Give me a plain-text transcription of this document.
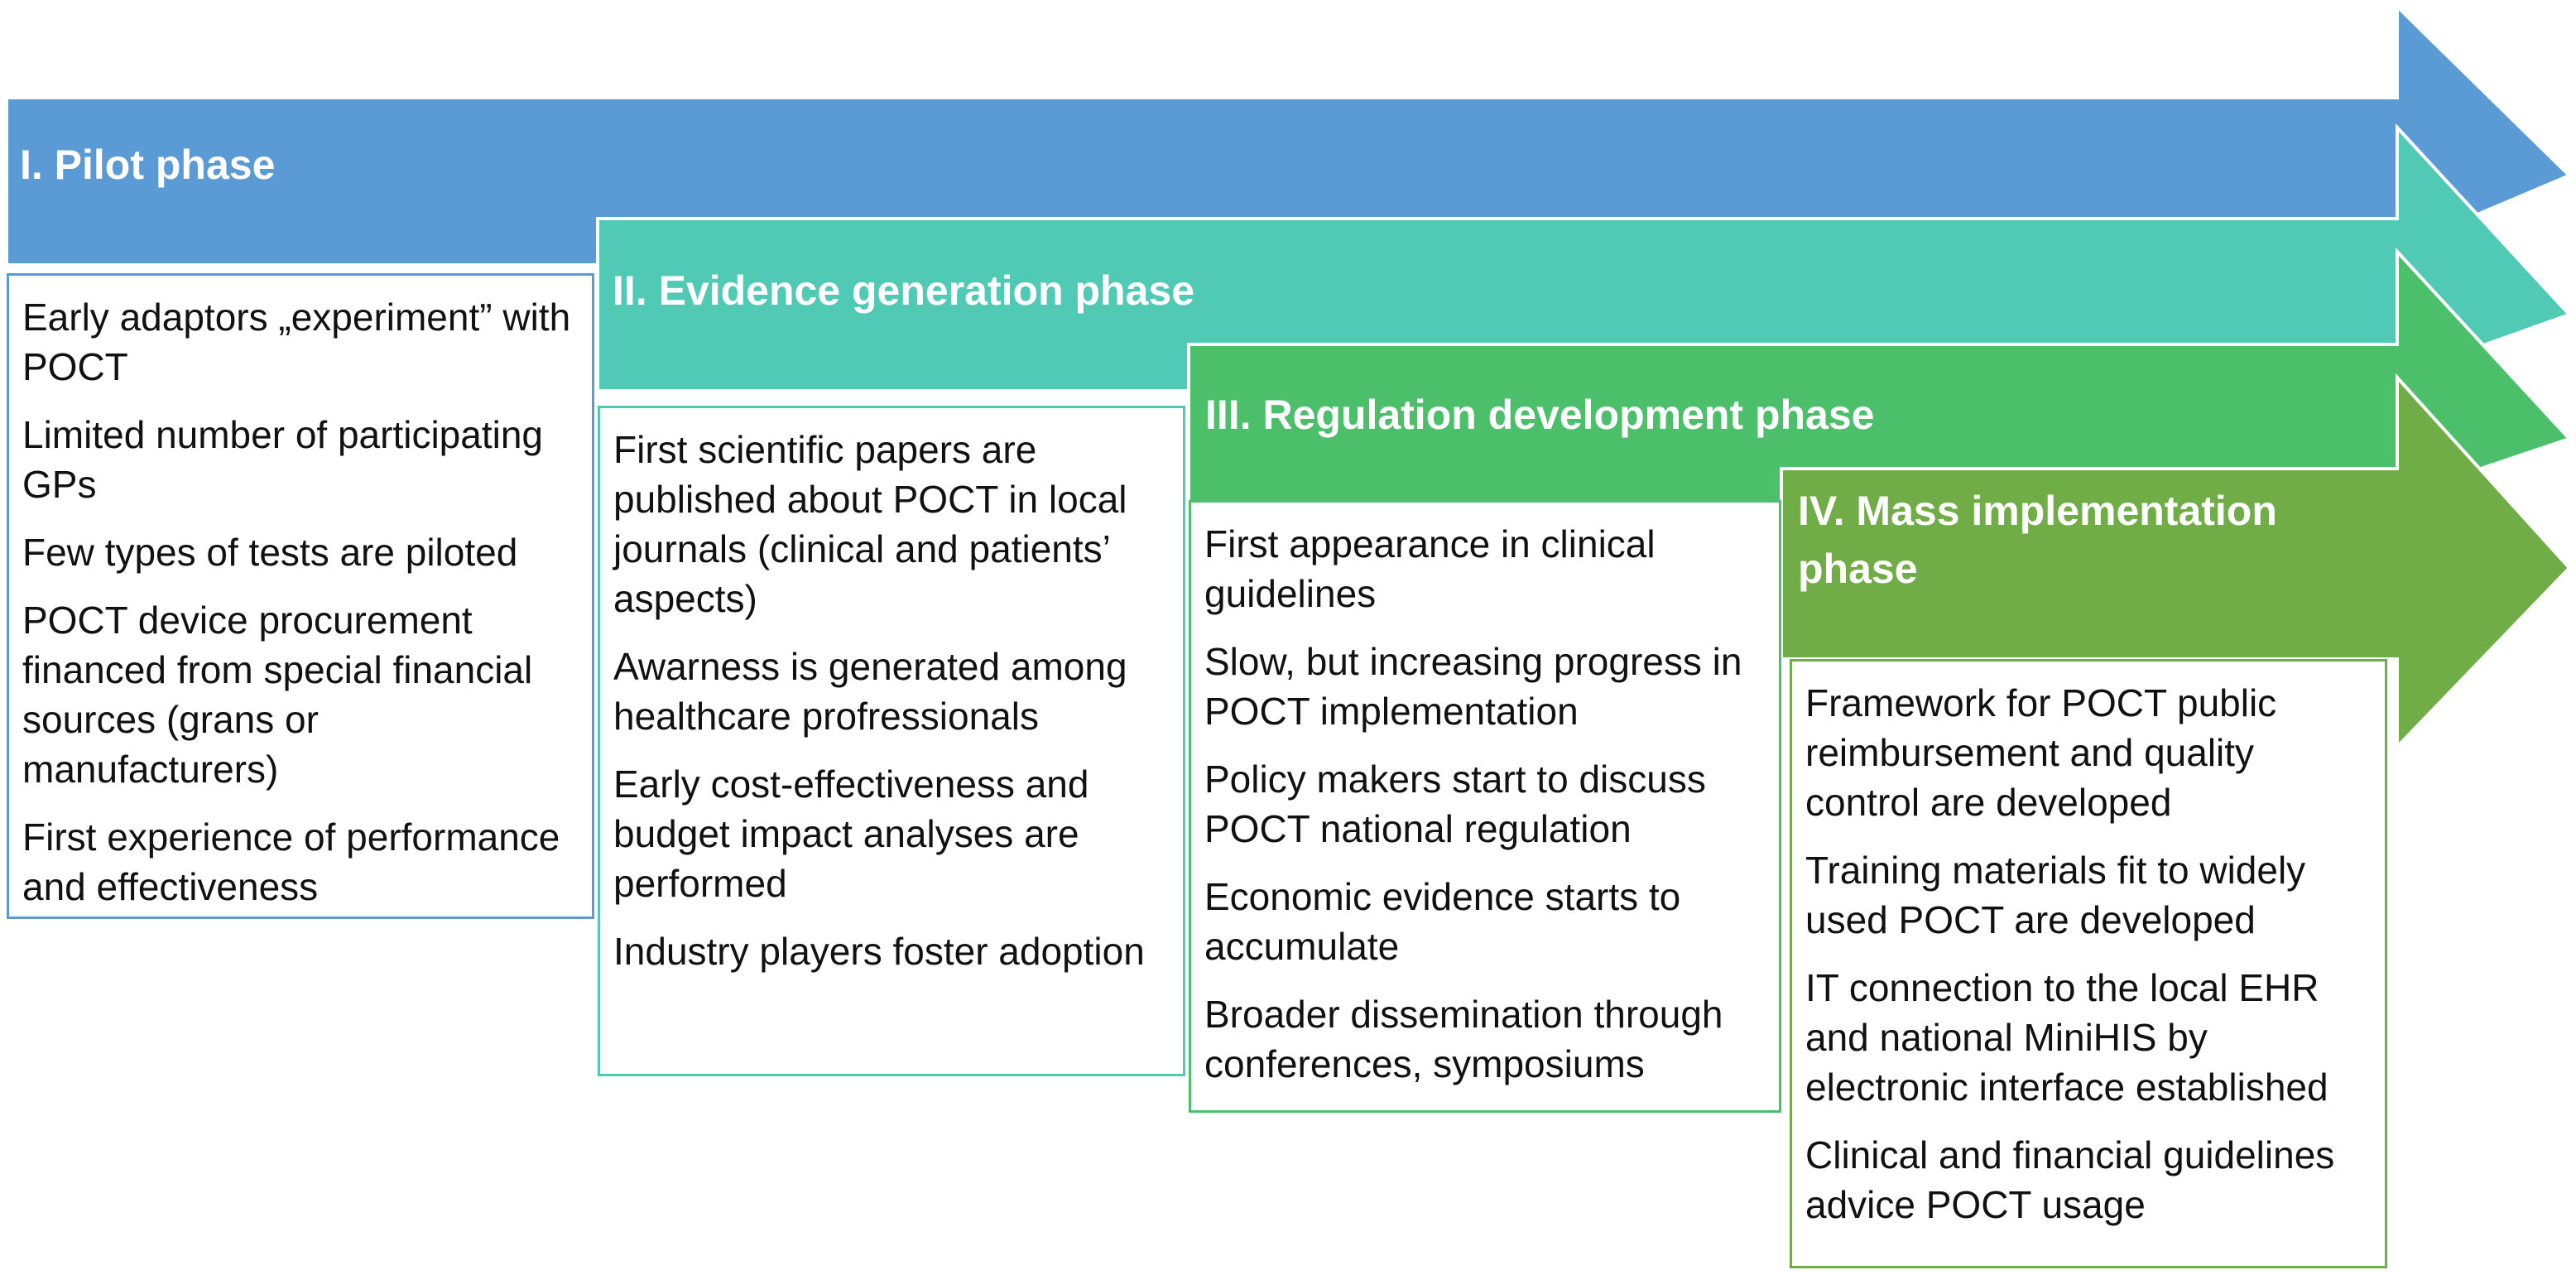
I. Pilot phase
II. Evidence generation phase
III. Regulation development phase
IV. Mass implementation phase
Early adaptors „experiment” with POCT
Limited number of participating GPs
Few types of tests are piloted
POCT device procurement financed from special financial sources (grans or manufacturers)
First experience of performance and effectiveness
First scientific papers are published about POCT in local journals (clinical and patients’ aspects)
Awarness is generated among healthcare profressionals
Early cost-effectiveness and budget impact analyses are performed
Industry players foster adoption
First appearance in clinical guidelines
Slow, but increasing progress in POCT implementation
Policy makers start to discuss POCT national regulation
Economic evidence starts to accumulate
Broader dissemination through conferences, symposiums
Framework for POCT public reimbursement and quality control are developed
Training materials fit to widely used POCT are developed
IT connection to the local EHR and national MiniHIS by electronic interface established
Clinical and financial guidelines advice POCT usage
